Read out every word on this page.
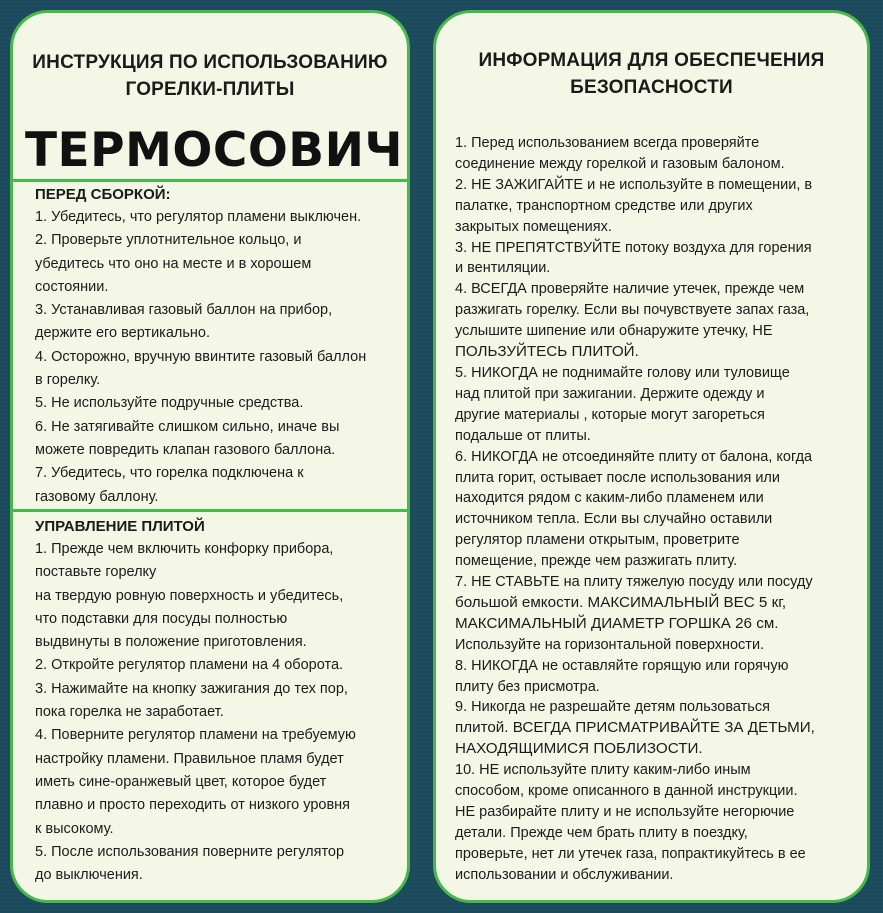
ИНСТРУКЦИЯ ПО ИСПОЛЬЗОВАНИЮ
ГОРЕЛКИ-ПЛИТЫ
ТЕРМОСОВИЧ
ПЕРЕД СБОРКОЙ:
1. Убедитесь, что регулятор пламени выключен.
2. Проверьте уплотнительное кольцо, и
убедитесь что оно на месте и в хорошем
состоянии.
3. Устанавливая газовый баллон на прибор,
держите его вертикально.
4. Осторожно, вручную ввинтите газовый баллон
в горелку.
5. Не используйте подручные средства.
6. Не затягивайте слишком сильно, иначе вы
можете повредить клапан газового баллона.
7. Убедитесь, что горелка подключена к
газовому баллону.
УПРАВЛЕНИЕ ПЛИТОЙ
1. Прежде чем включить конфорку прибора,
поставьте горелку
на твердую ровную поверхность и убедитесь,
что подставки для посуды полностью
выдвинуты в положение приготовления.
2. Откройте регулятор пламени на 4 оборота.
3. Нажимайте на кнопку зажигания до тех пор,
пока горелка не заработает.
4. Поверните регулятор пламени на требуемую
настройку пламени. Правильное пламя будет
иметь сине-оранжевый цвет, которое будет
плавно и просто переходить от низкого уровня
к высокому.
5. После использования поверните регулятор
до выключения.
ИНФОРМАЦИЯ ДЛЯ ОБЕСПЕЧЕНИЯ
БЕЗОПАСНОСТИ
1. Перед использованием всегда проверяйте
соединение между горелкой и газовым балоном.
2. НЕ ЗАЖИГАЙТЕ и не используйте в помещении, в
палатке, транспортном средстве или других
закрытых помещениях.
3. НЕ ПРЕПЯТСТВУЙТЕ потоку воздуха для горения
и вентиляции.
4. ВСЕГДА проверяйте наличие утечек, прежде чем
разжигать горелку. Если вы почувствуете запах газа,
услышите шипение или обнаружите утечку, НЕ
ПОЛЬЗУЙТЕСЬ ПЛИТОЙ.
5. НИКОГДА не поднимайте голову или туловище
над плитой при зажигании. Держите одежду и
другие материалы , которые могут загореться
подальше от плиты.
6. НИКОГДА не отсоединяйте плиту от балона, когда
плита горит, остывает после использования или
находится рядом с каким-либо пламенем или
источником тепла. Если вы случайно оставили
регулятор пламени открытым, проветрите
помещение, прежде чем разжигать плиту.
7. НЕ СТАВЬТЕ на плиту тяжелую посуду или посуду
большой емкости. МАКСИМАЛЬНЫЙ ВЕС 5 кг,
МАКСИМАЛЬНЫЙ ДИАМЕТР ГОРШКА 26 см.
Используйте на горизонтальной поверхности.
8. НИКОГДА не оставляйте горящую или горячую
плиту без присмотра.
9. Никогда не разрешайте детям пользоваться
плитой. ВСЕГДА ПРИСМАТРИВАЙТЕ ЗА ДЕТЬМИ,
НАХОДЯЩИМИСЯ ПОБЛИЗОСТИ.
10. НЕ используйте плиту каким-либо иным
способом, кроме описанного в данной инструкции.
НЕ разбирайте плиту и не используйте негорючие
детали. Прежде чем брать плиту в поездку,
проверьте, нет ли утечек газа, попрактикуйтесь в ее
использовании и обслуживании.
